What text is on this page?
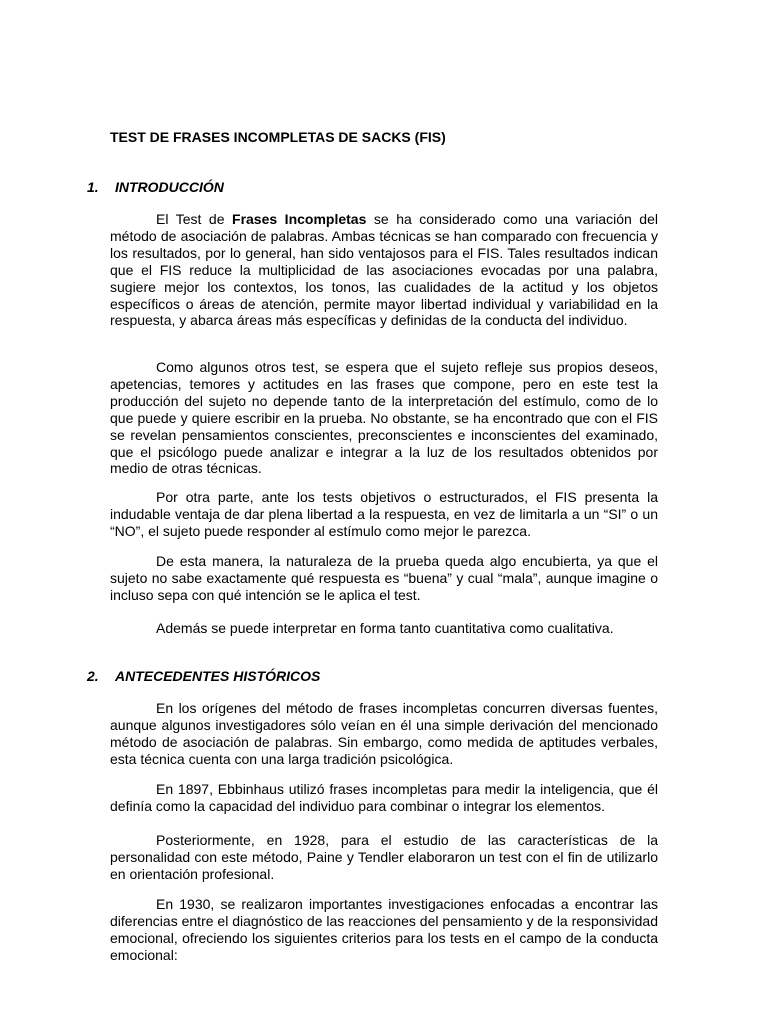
TEST DE FRASES INCOMPLETAS DE SACKS (FIS)
1. INTRODUCCIÓN

El Test de Frases Incompletas se ha considerado como una variación del método de asociación de palabras. Ambas técnicas se han comparado con frecuencia y los resultados, por lo general, han sido ventajosos para el FIS. Tales resultados indican que el FIS reduce la multiplicidad de las asociaciones evocadas por una palabra, sugiere mejor los contextos, los tonos, las cualidades de la actitud y los objetos específicos o áreas de atención, permite mayor libertad individual y variabilidad en la respuesta, y abarca áreas más específicas y definidas de la conducta del individuo.

Como algunos otros test, se espera que el sujeto refleje sus propios deseos, apetencias, temores y actitudes en las frases que compone, pero en este test la producción del sujeto no depende tanto de la interpretación del estímulo, como de lo que puede y quiere escribir en la prueba. No obstante, se ha encontrado que con el FIS se revelan pensamientos conscientes, preconscientes e inconscientes del examinado, que el psicólogo puede analizar e integrar a la luz de los resultados obtenidos por medio de otras técnicas.

Por otra parte, ante los tests objetivos o estructurados, el FIS presenta la indudable ventaja de dar plena libertad a la respuesta, en vez de limitarla a un “SI” o un “NO”, el sujeto puede responder al estímulo como mejor le parezca.

De esta manera, la naturaleza de la prueba queda algo encubierta, ya que el sujeto no sabe exactamente qué respuesta es “buena” y cual “mala”, aunque imagine o incluso sepa con qué intención se le aplica el test.

Además se puede interpretar en forma tanto cuantitativa como cualitativa.

2. ANTECEDENTES HISTÓRICOS

En los orígenes del método de frases incompletas concurren diversas fuentes, aunque algunos investigadores sólo veían en él una simple derivación del mencionado método de asociación de palabras. Sin embargo, como medida de aptitudes verbales, esta técnica cuenta con una larga tradición psicológica.

En 1897, Ebbinhaus utilizó frases incompletas para medir la inteligencia, que él definía como la capacidad del individuo para combinar o integrar los elementos.

Posteriormente, en 1928, para el estudio de las características de la personalidad con este método, Paine y Tendler elaboraron un test con el fin de utilizarlo en orientación profesional.

En 1930, se realizaron importantes investigaciones enfocadas a encontrar las diferencias entre el diagnóstico de las reacciones del pensamiento y de la responsividad emocional, ofreciendo los siguientes criterios para los tests en el campo de la conducta emocional:
